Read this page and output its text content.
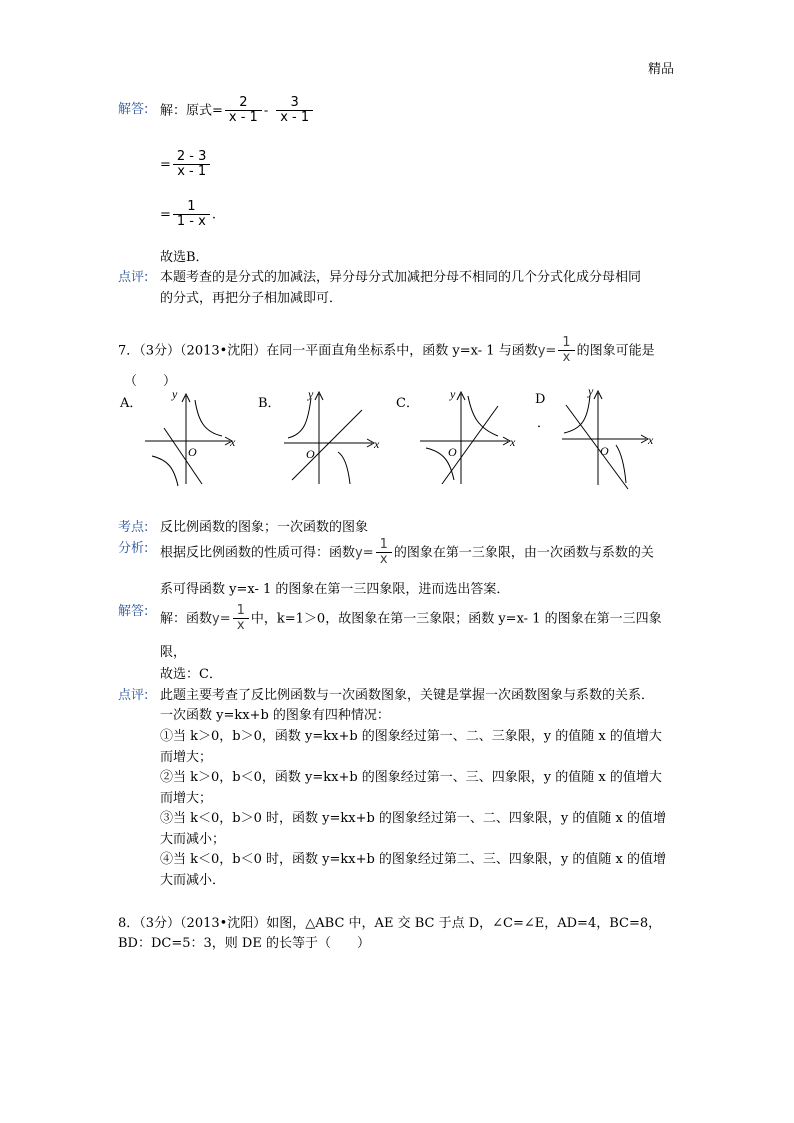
精品
解答: 解：原式= $\frac{2}{x - 1} - \frac{3}{x - 1}$
= $\frac{2 - 3}{x - 1}$
= $\frac{1}{1 - x}$ .
故选B．
点评: 本题考查的是分式的加减法，异分母分式加减把分母不相同的几个分式化成分母相同
的分式，再把分子相加减即可．
7．（3分）（2013•沈阳）在同一平面直角坐标系中，函数 y=x- 1 与函数$y= \frac{1}{x}$ 的图象可能是
（　　）
A．	B．	C．	D
．
y
x
O
y
x
O
y
x
O
y
x
O
考点: 反比例函数的图象；一次函数的图象
分析: 根据反比例函数的性质可得：函数$y= \frac{1}{x}$ 的图象在第一三象限，由一次函数与系数的关
系可得函数 y=x- 1 的图象在第一三四象限，进而选出答案．
解答: 解：函数$y= \frac{1}{x}$ 中，k=1＞0，故图象在第一三象限；函数 y=x- 1 的图象在第一三四象
限，
故选：C．
点评: 此题主要考查了反比例函数与一次函数图象，关键是掌握一次函数图象与系数的关系．
一次函数 y=kx+b 的图象有四种情况：
①当 k＞0，b＞0，函数 y=kx+b 的图象经过第一、二、三象限，y 的值随 x 的值增大
而增大；
②当 k＞0，b＜0，函数 y=kx+b 的图象经过第一、三、四象限，y 的值随 x 的值增大
而增大；
③当 k＜0，b＞0 时，函数 y=kx+b 的图象经过第一、二、四象限，y 的值随 x 的值增
大而减小；
④当 k＜0，b＜0 时，函数 y=kx+b 的图象经过第二、三、四象限，y 的值随 x 的值增
大而减小．
8．（3分）（2013•沈阳）如图，△ABC 中，AE 交 BC 于点 D，∠C=∠E，AD=4，BC=8，
BD：DC=5：3，则 DE 的长等于（　　）
